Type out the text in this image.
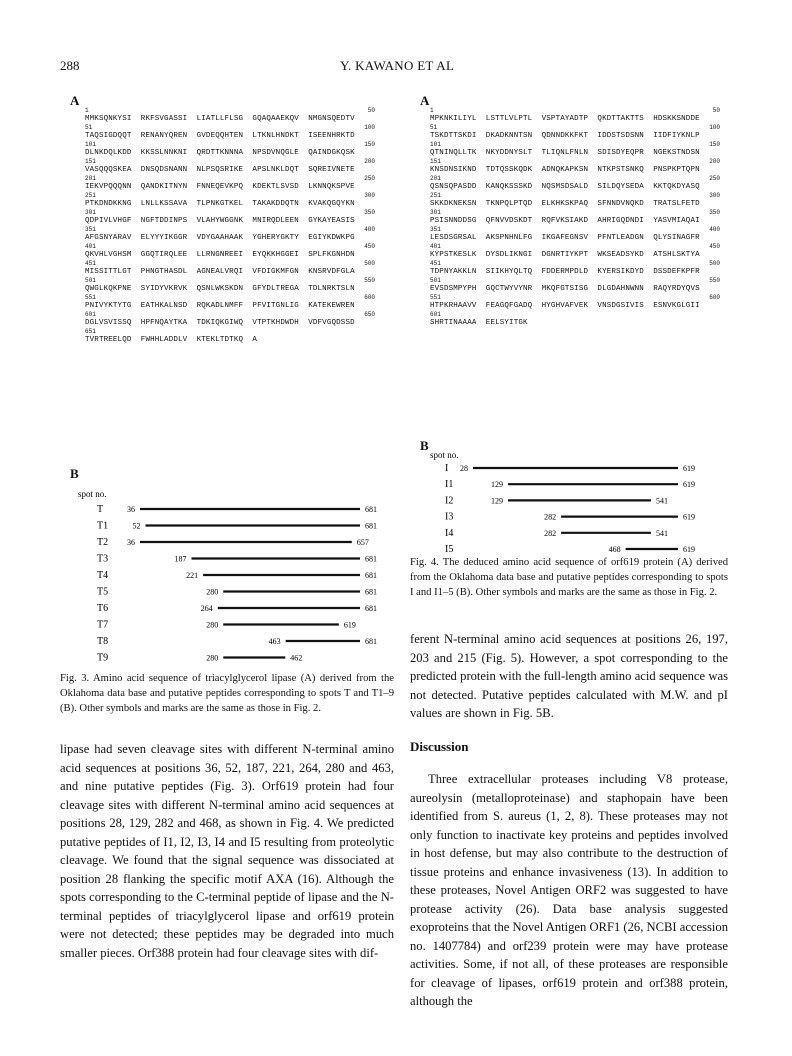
288	Y. KAWANO ET AL
A
1	50
MMKSQNKYSI  RKFSVGASSI  LIATLLFLSG  GQAQAAEKQV  NMGNSQEDTV
51	100
TAQSIGDQQT  RENANYQREN  GVDEQQHTEN  LTKNLHNDKT  ISEENHRKTD
101	150
DLNKDQLKDD  KKSSLNNKNI  QRDTTKNNNA  NPSDVNQGLE  QAINDGKQSK
151	200
VASQQQSKEA  DNSQDSNANN  NLPSQSRIKE  APSLNKLDQT  SQREIVNETE
201	250
IEKVPQQQNN  QANDKITNYN  FNNEQEVKPQ  KDEKTLSVSD  LKNNQKSPVE
251	300
PTKDNDKKNG  LNLLKSSAVA  TLPNKGTKEL  TAKAKDDQTN  KVAKQGQYKN
301	350
QDPIVLVHGF  NGFTDDINPS  VLAHYWGGNK  MNIRQDLEEN  GYKAYEASIS
351	400
AFGSNYARAV  ELYYYIKGGR  VDYGAAHAAK  YGHERYGKTY  EGIYKDWKPG
401	450
QKVHLVGHSM  GGQTIRQLEE  LLRNGNREEI  EYQKKHGGEI  SPLFKGNHDN
451	500
MISSITTLGT  PHNGTHASDL  AGNEALVRQI  VFDIGKMFGN  KNSRVDFGLA
501	550
QWGLKQKPNE  SYIDYVKRVK  QSNLWKSKDN  GFYDLTREGA  TDLNRKTSLN
551	600
PNIVYKTYTG  EATHKALNSD  RQKADLNMFF  PFVITGNLIG  KATEKEWREN
601	650
DGLVSVISSQ  HPFNQAYTKA  TDKIQKGIWQ  VTPTKHDWDH  VDFVGQDSSD
651
TVRTREELQD  FWHHLADDLV  KTEKLTDTKQ  A
B
spot no.
T	36	681
T1	52	681
T2 36	657
T3	187	681
T4	221	681
T5	280	681
T6	264	681
T7	280	619
T8	463	681
T9	280	462
Fig. 3. Amino acid sequence of triacylglycerol lipase (A) derived from the Oklahoma data base and putative peptides corresponding to spots T and T1–9 (B). Other symbols and marks are the same as those in Fig. 2.
A
1	50
MPKNKILIYL  LSTTLVLPTL  VSPTAYADTP  QKDTTAKTTS  HDSKKSNDDE
51	100
TSKDTTSKDI  DKADKNNTSN  QDNNDKKFKT  IDDSTSDSNN  IIDFIYKNLP
101	150
QTNINQLLTK  NKYDDNYSLT  TLIQNLFNLN  SDISDYEQPR  NGEKSTNDSN
151	200
KNSDNSIKND  TDTQSSKQDK  ADNQKAPKSN  NTKPSTSNKQ  PNSPKPTQPN
201	250
QSNSQPASDD  KANQKSSSKD  NQSMSDSALD  SILDQYSEDA  KKTQKDYASQ
251	300
SKKDKNEKSN  TKNPQLPTQD  ELKHKSKPAQ  SFNNDVNQKD  TRATSLFETD
301	350
PSISNNDDSG  QFNVVDSKDT  RQFVKSIAKD  AHRIGQDNDI  YASVMIAQAI
351	400
LESDSGRSAL  AKSPNHNLFG  IKGAFEGNSV  PFNTLEADGN  QLYSINAGFR
401	450
KYPSTKESLK  DYSDLIKNGI  DGNRTIYKPT  WKSEADSYKD  ATSHLSKTYA
451	500
TDPNYAKKLN  SIIKHYQLTQ  FDDERMPDLD  KYERSIKDYD  DSSDEFKPFR
501	550
EVSDSMPYPH  GQCTWYVYNR  MKQFGTSISG  DLGDAHNWNN  RAQYRDYQVS
551	600
HTPKRHAAVV  FEAGQFGADQ  HYGHVAFVEK  VNSDGSIVIS  ESNVKGLGII
601
SHRTINAAAA  EELSYITGK
B
spot no.
I 28	619
I1	129	619
I2	129	541
I3	282	619
I4	282	541
I5	468	619
Fig. 4. The deduced amino acid sequence of orf619 protein (A) derived from the Oklahoma data base and putative peptides corresponding to spots I and I1–5 (B). Other symbols and marks are the same as those in Fig. 2.
lipase had seven cleavage sites with different N-terminal amino acid sequences at positions 36, 52, 187, 221, 264, 280 and 463, and nine putative peptides (Fig. 3). Orf619 protein had four cleavage sites with different N-terminal amino acid sequences at positions 28, 129, 282 and 468, as shown in Fig. 4. We predicted putative peptides of I1, I2, I3, I4 and I5 resulting from proteolytic cleavage. We found that the signal sequence was dissociated at position 28 flanking the specific motif AXA (16). Although the spots corresponding to the C-terminal peptide of lipase and the N-terminal peptides of triacylglycerol lipase and orf619 protein were not detected; these peptides may be degraded into much smaller pieces. Orf388 protein had four cleavage sites with dif-
ferent N-terminal amino acid sequences at positions 26, 197, 203 and 215 (Fig. 5). However, a spot corresponding to the predicted protein with the full-length amino acid sequence was not detected. Putative peptides calculated with M.W. and pI values are shown in Fig. 5B.
Discussion
Three extracellular proteases including V8 protease, aureolysin (metalloproteinase) and staphopain have been identified from S. aureus (1, 2, 8). These proteases may not only function to inactivate key proteins and peptides involved in host defense, but may also contribute to the destruction of tissue proteins and enhance invasiveness (13). In addition to these proteases, Novel Antigen ORF2 was suggested to have protease activity (26). Data base analysis suggested exoproteins that the Novel Antigen ORF1 (26, NCBI accession no. 1407784) and orf239 protein were may have protease activities. Some, if not all, of these proteases are responsible for cleavage of lipases, orf619 protein and orf388 protein, although the
